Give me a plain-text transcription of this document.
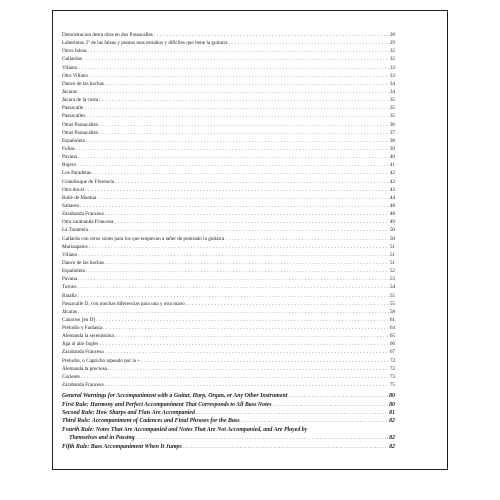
Demostracion desta obra en dos Passacalles . . .	28
Laberintos 2º de las falsas y puntos mas estraños y dificiles que tiene la guitarra . . .	29
Otros falsas . . .	32
Gallardas . . .	32
Villano . . .	33
Otro Villano . . .	33
Dance de las hachas . . .	34
Jácaras . . .	34
Jácara de la costa . . .	35
Passacalle . . .	35
Passacalles . . .	35
Otras Passacalles . . .	36
Otras Passacalles . . .	37
Españoleta . . .	38
Folías . . .	39
Pavana . . .	40
Rujero . . .	41
Los Paradetas . . .	42
Grandusque de Florencia . . .	42
Otro ducal . . .	43
Baile de Mantua . . .	44
Saltaren . . .	48
Zarabanda Francesa . . .	48
Otra zarabanda Francesa . . .	49
La Tarantela . . .	50
Gallarda con otros sones para los que empiecan a tañer de puntrado la guitarra . . .	50
Marizapalos . . .	51
Villano . . .	51
Dance de las hachas . . .	51
Españoleta . . .	52
Pavana . . .	53
Torneo . . .	54
Batalla . . .	55
Passacalle D, con muchas diferencias para una y otra mano . . .	55
Jácaras . . .	58
Canarios [en D] . . .	61
Preludio y Fantasía . . .	64
Alemanda la serenissima . . .	65
Jiga al aire Ingles . . .	66
Zarabanda Francesa . . .	67
Preludio, o Capricho arpeado por la + . . .	72
Alemanda la preciosa . . .	72
Coriente . . .	73
Zarabanda Francesa . . .	75
General Warnings for Accompaniment with a Guitar, Harp, Organ, or Any Other Instrument . . .	80
First Rule: Harmony and Perfect Accompaniment That Corresponds to All Bass Notes . . .	80
Second Rule: How Sharps and Flats Are Accompanied . . .	81
Third Rule: Accompaniment of Cadences and Final Phrases for the Bass . . .	82
Fourth Rule: Notes That Are Accompanied and Notes That Are Not Accompanied, and Are Played by
Themselves and in Passing . . .	82
Fifth Rule: Bass Accompaniment When It Jumps . . .	82
